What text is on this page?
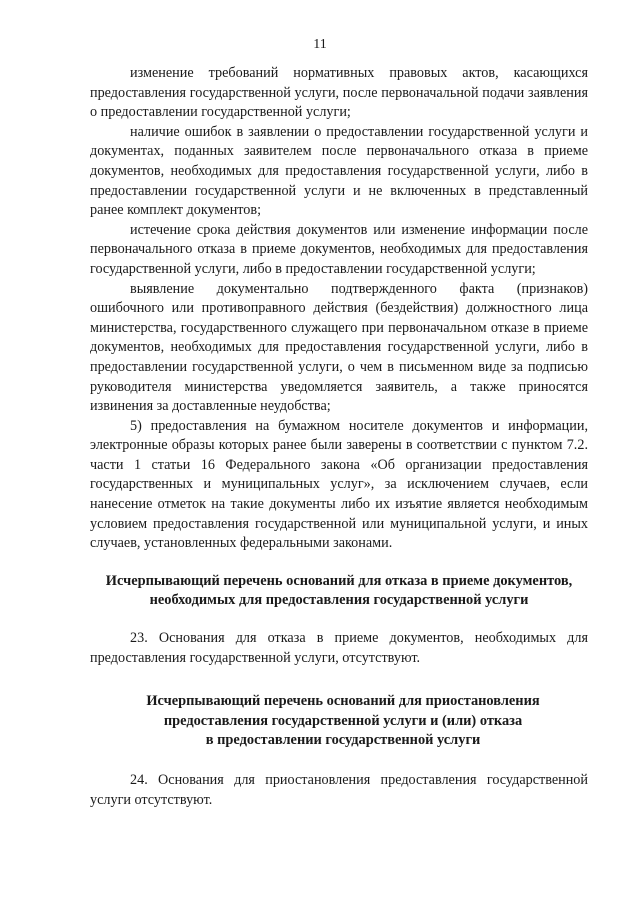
11

изменение требований нормативных правовых актов, касающихся предоставления государственной услуги, после первоначальной подачи заявления о предоставлении государственной услуги;

наличие ошибок в заявлении о предоставлении государственной услуги и документах, поданных заявителем после первоначального отказа в приеме документов, необходимых для предоставления государственной услуги, либо в предоставлении государственной услуги и не включенных в представленный ранее комплект документов;

истечение срока действия документов или изменение информации после первоначального отказа в приеме документов, необходимых для предоставления государственной услуги, либо в предоставлении государственной услуги;

выявление документально подтвержденного факта (признаков) ошибочного или противоправного действия (бездействия) должностного лица министерства, государственного служащего при первоначальном отказе в приеме документов, необходимых для предоставления государственной услуги, либо в предоставлении государственной услуги, о чем в письменном виде за подписью руководителя министерства уведомляется заявитель, а также приносятся извинения за доставленные неудобства;

5) предоставления на бумажном носителе документов и информации, электронные образы которых ранее были заверены в соответствии с пунктом 7.2. части 1 статьи 16 Федерального закона «Об организации предоставления государственных и муниципальных услуг», за исключением случаев, если нанесение отметок на такие документы либо их изъятие является необходимым условием предоставления государственной или муниципальной услуги, и иных случаев, установленных федеральными законами.

Исчерпывающий перечень оснований для отказа в приеме документов,
необходимых для предоставления государственной услуги

23. Основания для отказа в приеме документов, необходимых для предоставления государственной услуги, отсутствуют.

Исчерпывающий перечень оснований для приостановления
предоставления государственной услуги и (или) отказа
в предоставлении государственной услуги

24. Основания для приостановления предоставления государственной услуги отсутствуют.
